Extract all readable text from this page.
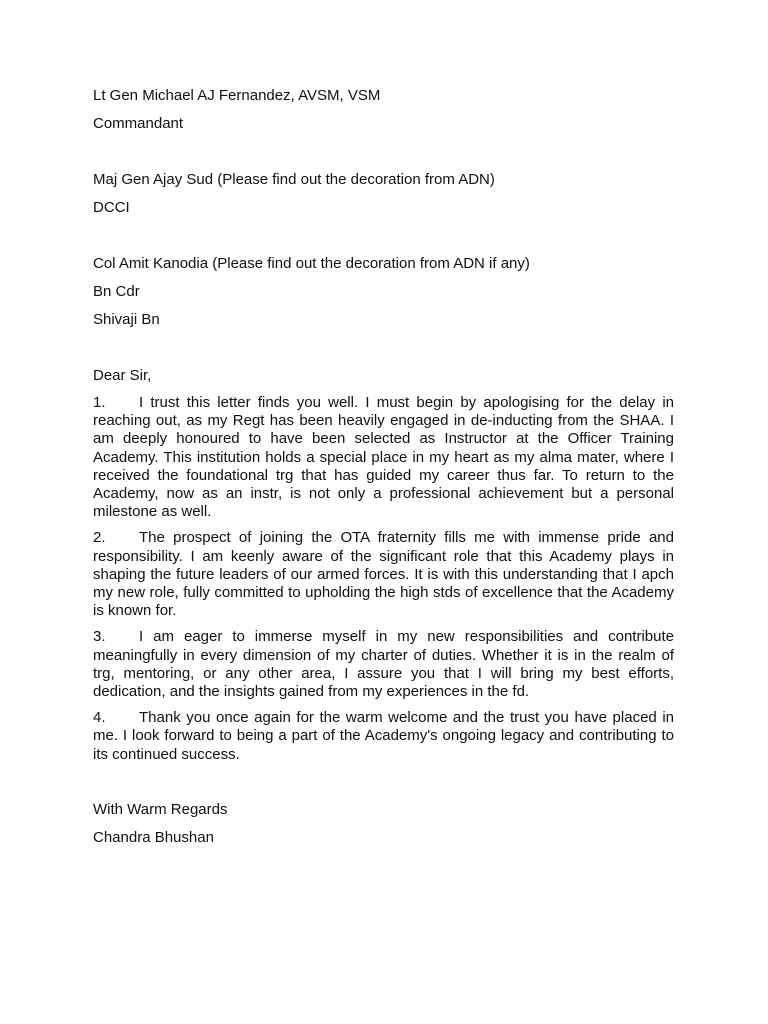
Lt Gen Michael AJ Fernandez, AVSM, VSM
Commandant
Maj Gen Ajay Sud (Please find out the decoration from ADN)
DCCI
Col Amit Kanodia (Please find out the decoration from ADN if any)
Bn Cdr
Shivaji Bn
Dear Sir,
1. I trust this letter finds you well. I must begin by apologising for the delay in reaching out, as my Regt has been heavily engaged in de-inducting from the SHAA. I am deeply honoured to have been selected as Instructor at the Officer Training Academy. This institution holds a special place in my heart as my alma mater, where I received the foundational trg that has guided my career thus far. To return to the Academy, now as an instr, is not only a professional achievement but a personal milestone as well.
2. The prospect of joining the OTA fraternity fills me with immense pride and responsibility. I am keenly aware of the significant role that this Academy plays in shaping the future leaders of our armed forces. It is with this understanding that I apch my new role, fully committed to upholding the high stds of excellence that the Academy is known for.
3. I am eager to immerse myself in my new responsibilities and contribute meaningfully in every dimension of my charter of duties. Whether it is in the realm of trg, mentoring, or any other area, I assure you that I will bring my best efforts, dedication, and the insights gained from my experiences in the fd.
4. Thank you once again for the warm welcome and the trust you have placed in me. I look forward to being a part of the Academy's ongoing legacy and contributing to its continued success.
With Warm Regards
Chandra Bhushan
